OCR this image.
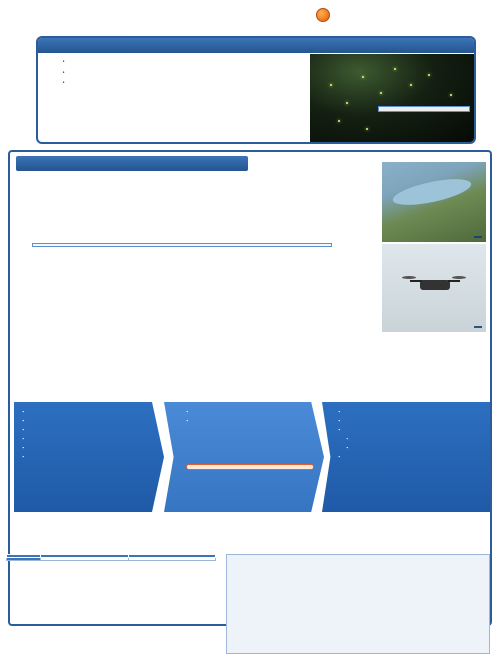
・
・
・

・
・
・
・
・
・
・
・ 　
・
・
・
・
・
・
